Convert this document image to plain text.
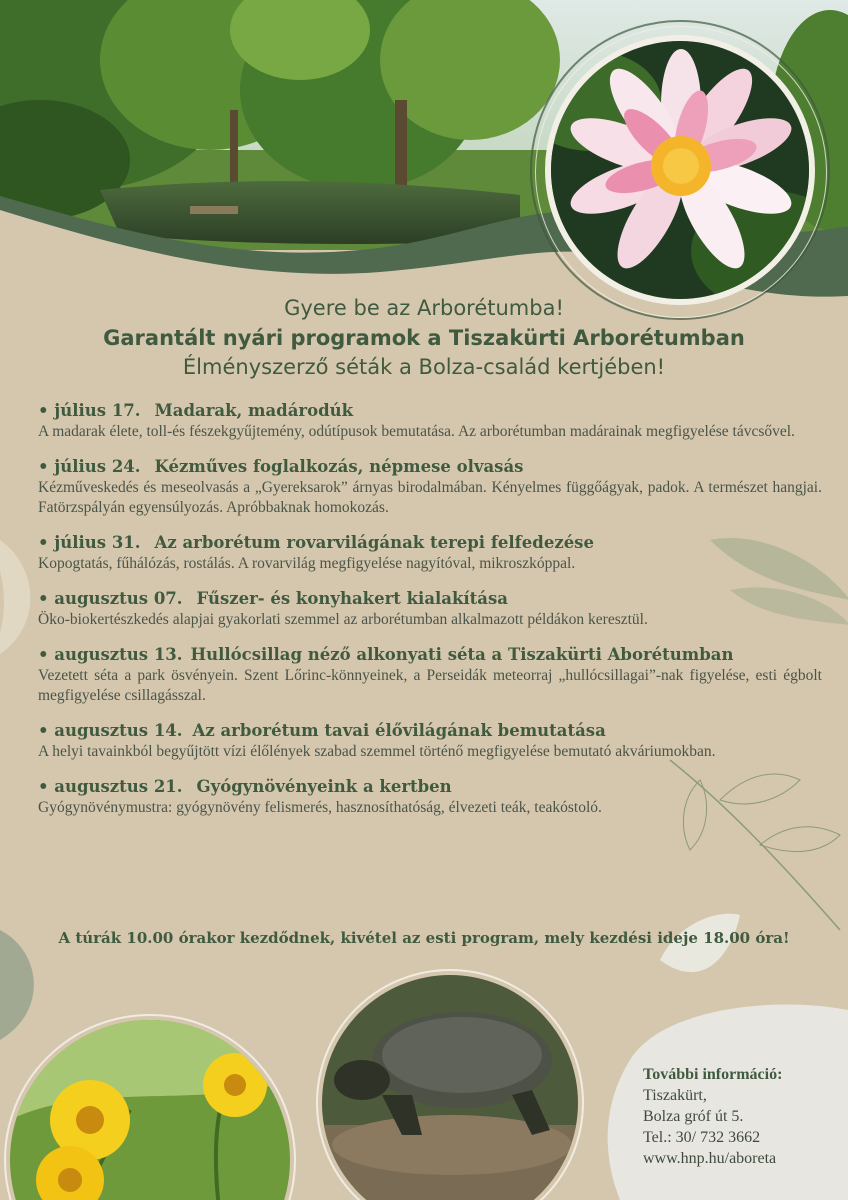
Gyere be az Arborétumba!
Garantált nyári programok a Tiszakürti Arborétumban
Élményszerző séták a Bolza-család kertjében!
• július 17. Madarak, madárodúk
A madarak élete, toll-és fészekgyűjtemény, odútípusok bemutatása. Az arborétumban madárainak megfigyelése távcsővel.
• július 24. Kézműves foglalkozás, népmese olvasás
Kézműveskedés és meseolvasás a „Gyereksarok” árnyas birodalmában. Kényelmes függőágyak, padok. A természet hangjai. Fatörzspályán egyensúlyozás. Apróbbaknak homokozás.
• július 31. Az arborétum rovarvilágának terepi felfedezése
Kopogtatás, fűhálózás, rostálás. A rovarvilág megfigyelése nagyítóval, mikroszkóppal.
• augusztus 07. Fűszer- és konyhakert kialakítása
Öko-biokertészkedés alapjai gyakorlati szemmel az arborétumban alkalmazott példákon keresztül.
• augusztus 13. Hullócsillag néző alkonyati séta a Tiszakürti Aborétumban
Vezetett séta a park ösvényein. Szent Lőrinc-könnyeinek, a Perseidák meteorraj „hullócsillagai”-nak figyelése, esti égbolt megfigyelése csillagásszal.
• augusztus 14. Az arborétum tavai élővilágának bemutatása
A helyi tavainkból begyűjtött vízi élőlények szabad szemmel történő megfigyelése bemutató akváriumokban.
• augusztus 21. Gyógynövényeink a kertben
Gyógynövénymustra: gyógynövény felismerés, hasznosíthatóság, élvezeti teák, teakóstoló.
A túrák 10.00 órakor kezdődnek, kivétel az esti program, mely kezdési ideje 18.00 óra!
További információ:
Tiszakürt,
Bolza gróf út 5.
Tel.: 30/ 732 3662
www.hnp.hu/aboreta
